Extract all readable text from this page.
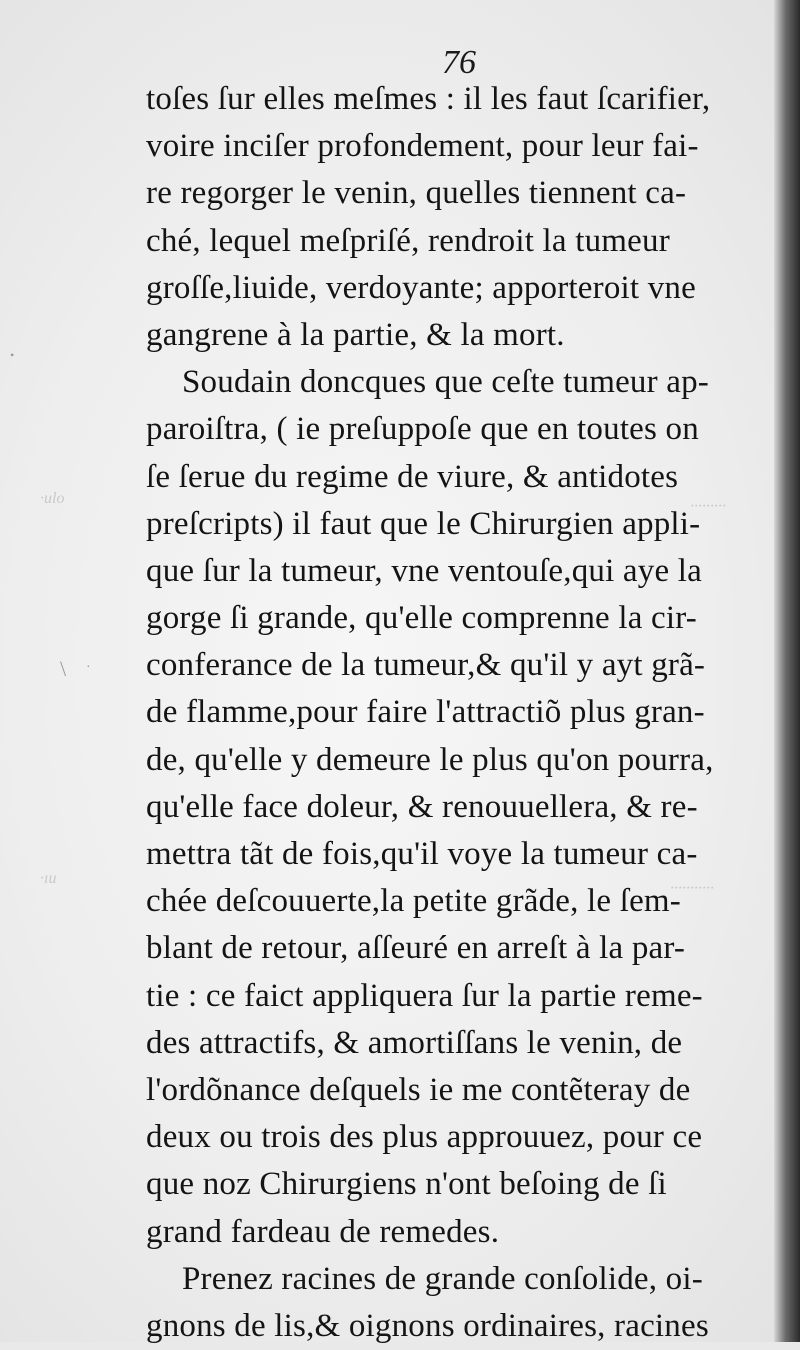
·ulo	·········
·ıu
···········
\ ·
•
76
toſes ſur elles meſmes : il les faut ſcarifier,
voire inciſer profondement, pour leur fai-
re regorger le venin, quelles tiennent ca-
ché, lequel meſpriſé, rendroit la tumeur
groſſe,liuide, verdoyante; apporteroit vne
gangrene à la partie, & la mort.
Soudain doncques que ceſte tumeur ap-
paroiſtra, ( ie preſuppoſe que en toutes on
ſe ſerue du regime de viure, & antidotes
preſcripts) il faut que le Chirurgien appli-
que ſur la tumeur, vne ventouſe,qui aye la
gorge ſi grande, qu'elle comprenne la cir-
conferance de la tumeur,& qu'il y ayt grã-
de flamme,pour faire l'attractiõ plus gran-
de, qu'elle y demeure le plus qu'on pourra,
qu'elle face doleur, & renouuellera, & re-
mettra tãt de fois,qu'il voye la tumeur ca-
chée deſcouuerte,la petite grãde, le ſem-
blant de retour, aſſeuré en arreſt à la par-
tie : ce faict appliquera ſur la partie reme-
des attractifs, & amortiſſans le venin, de
l'ordõnance deſquels ie me contẽteray de
deux ou trois des plus approuuez, pour ce
que noz Chirurgiens n'ont beſoing de ſi
grand fardeau de remedes.
Prenez racines de grande conſolide, oi-
gnons de lis,& oignons ordinaires, racines
